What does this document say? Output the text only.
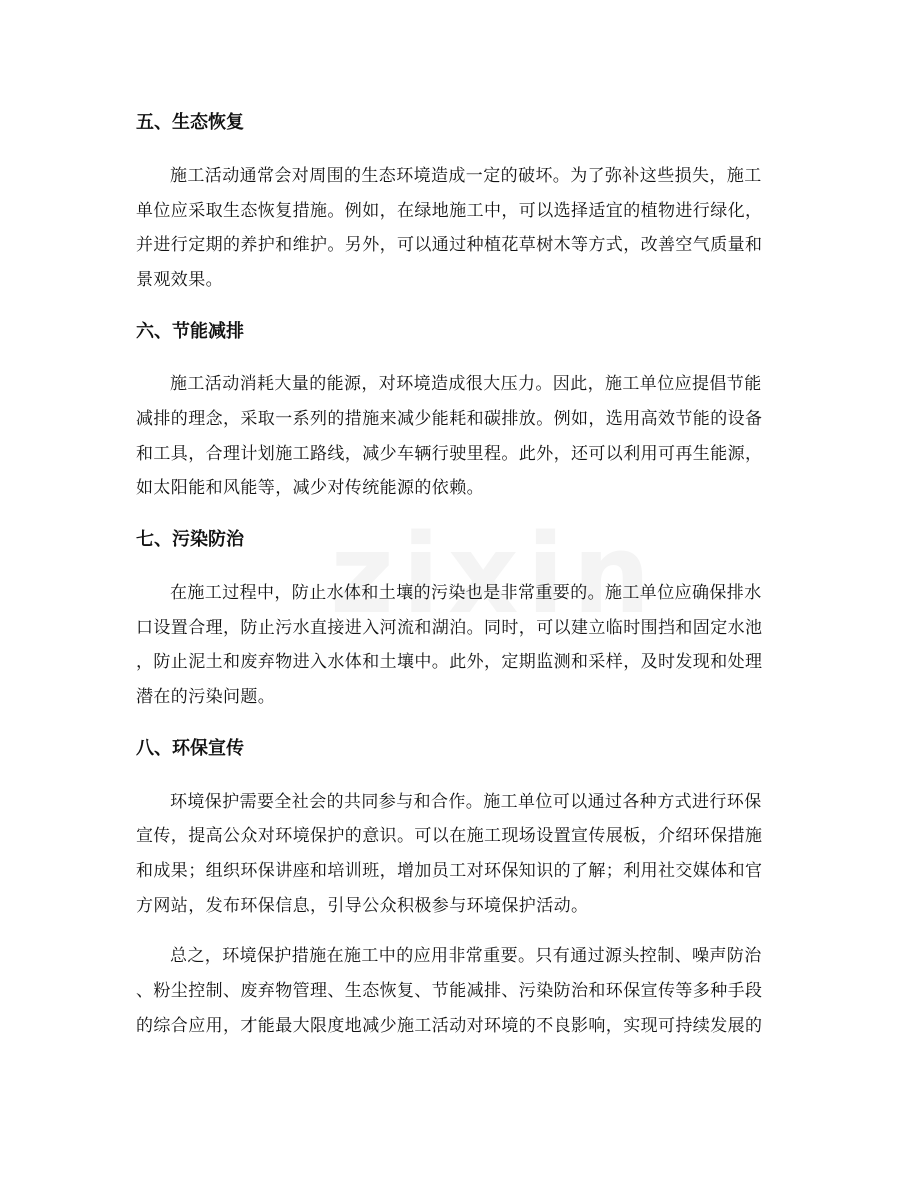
五、生态恢复
施工活动通常会对周围的生态环境造成一定的破坏。为了弥补这些损失，施工
单位应采取生态恢复措施。例如，在绿地施工中，可以选择适宜的植物进行绿化，
并进行定期的养护和维护。另外，可以通过种植花草树木等方式，改善空气质量和
景观效果。
六、节能减排
施工活动消耗大量的能源，对环境造成很大压力。因此，施工单位应提倡节能
减排的理念，采取一系列的措施来减少能耗和碳排放。例如，选用高效节能的设备
和工具，合理计划施工路线，减少车辆行驶里程。此外，还可以利用可再生能源，
如太阳能和风能等，减少对传统能源的依赖。
七、污染防治
在施工过程中，防止水体和土壤的污染也是非常重要的。施工单位应确保排水
口设置合理，防止污水直接进入河流和湖泊。同时，可以建立临时围挡和固定水池
，防止泥土和废弃物进入水体和土壤中。此外，定期监测和采样，及时发现和处理
潜在的污染问题。
八、环保宣传
环境保护需要全社会的共同参与和合作。施工单位可以通过各种方式进行环保
宣传，提高公众对环境保护的意识。可以在施工现场设置宣传展板，介绍环保措施
和成果；组织环保讲座和培训班，增加员工对环保知识的了解；利用社交媒体和官
方网站，发布环保信息，引导公众积极参与环境保护活动。
总之，环境保护措施在施工中的应用非常重要。只有通过源头控制、噪声防治
、粉尘控制、废弃物管理、生态恢复、节能减排、污染防治和环保宣传等多种手段
的综合应用，才能最大限度地减少施工活动对环境的不良影响，实现可持续发展的
